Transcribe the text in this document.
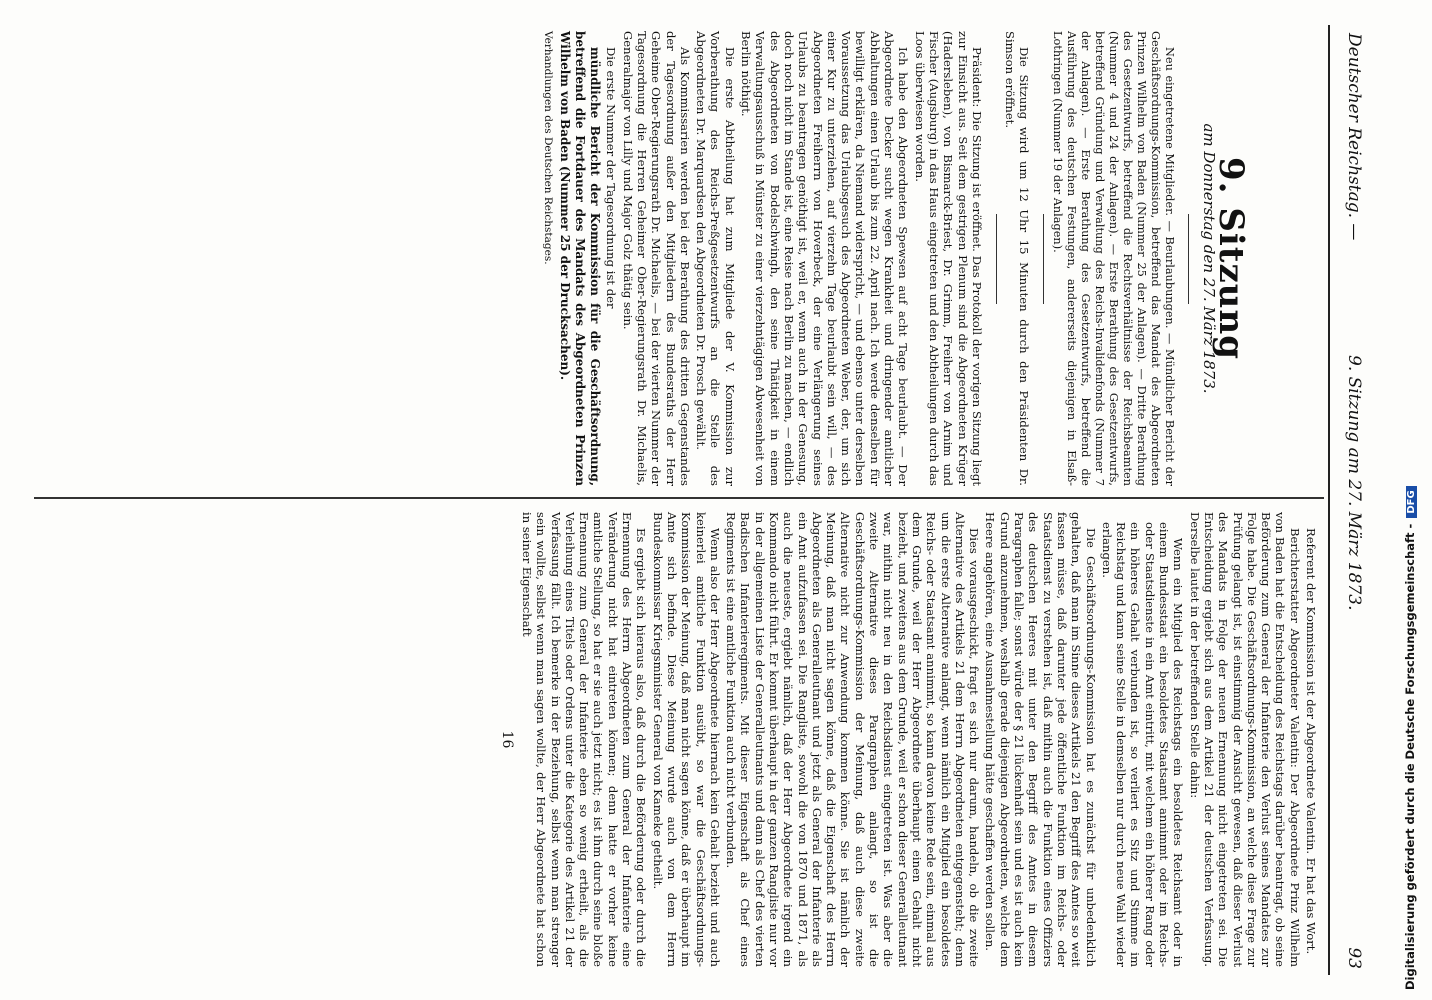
Deutscher Reichstag. —
9. Sitzung am 27. März 1873.
93
9. Sitzung
am Donnerstag den 27. März 1873.

Neu eingetretene Mitglieder. — Beurlaubungen. — Mündlicher Bericht der Geschäftsordnungs-Kommission, betreffend das Mandat des Abgeordneten Prinzen Wilhelm von Baden (Nummer 25 der Anlagen). — Dritte Berathung des Gesetzentwurfs, betreffend die Rechtsverhältnisse der Reichsbeamten (Nummer 4 und 24 der Anlagen). — Erste Berathung des Gesetzentwurfs, betreffend Gründung und Verwaltung des Reichs-Invalidenfonds (Nummer 7 der Anlagen). — Erste Berathung des Gesetzentwurfs, betreffend die Ausführung des deutschen Festungen, andererseits diejenigen in Elsaß-Lothringen (Nummer 19 der Anlagen).

Die Sitzung wird um 12 Uhr 15 Minuten durch den Präsidenten Dr. Simson eröffnet.

Präsident: Die Sitzung ist eröffnet. Das Protokoll der vorigen Sitzung liegt zur Einsicht aus. Seit dem gestrigen Plenum sind die Abgeordneten Krüger (Hadersleben), von Bismarck-Briest, Dr. Grimm, Freiherr von Arnim und Fischer (Augsburg) in das Haus eingetreten und den Abtheilungen durch das Loos überwiesen worden.

Ich habe den Abgeordneten Spewsen auf acht Tage beurlaubt. — Der Abgeordnete Decker sucht wegen Krankheit und dringender amtlicher Abhaltungen einen Urlaub bis zum 22. April nach. Ich werde denselben für bewilligt erklären, da Niemand widerspricht, — und ebenso unter derselben Voraussetzung das Urlaubsgesuch des Abgeordneten Weber, der, um sich einer Kur zu unterziehen, auf vierzehn Tage beurlaubt sein will, — des Abgeordneten Freiherrn von Hoverbeck, der eine Verlängerung seines Urlaubs zu beantragen genöthigt ist, weil er, wenn auch in der Genesung, doch noch nicht im Stande ist, eine Reise nach Berlin zu machen, — endlich des Abgeordneten von Bodelschwingh, den seine Thätigkeit in einem Verwaltungsausschuß in Münster zu einer vierzehntägigen Abwesenheit von Berlin nöthigt.

Die erste Abtheilung hat zum Mitgliede der V. Kommission zur Vorberathung des Reichs-Preßgesetzentwurfs an die Stelle des Abgeordneten Dr. Marquardsen den Abgeordneten Dr. Prosch gewählt.

Als Kommissarien werden bei der Berathung des dritten Gegenstandes der Tagesordnung außer den Mitgliedern des Bundesraths der Herr Geheime Ober-Regierungsrath Dr. Michaelis, — bei der vierten Nummer der Tagesordnung die Herren Geheimer Ober-Regierungsrath Dr. Michaelis, Generalmajor von Lilly und Major Golz thätig sein.

Die erste Nummer der Tagesordnung ist der

mündliche Bericht der Kommission für die Geschäftsordnung, betreffend die Fortdauer des Mandats des Abgeordneten Prinzen Wilhelm von Baden (Nummer 25 der Drucksachen).

Verhandlungen des Deutschen Reichstages.

Referent der Kommission ist der Abgeordnete Valentin. Er hat das Wort.

Berichterstatter Abgeordneter Valentin: Der Abgeordnete Prinz Wilhelm von Baden hat die Entscheidung des Reichstags darüber beantragt, ob seine Beförderung zum General der Infanterie den Verlust seines Mandates zur Folge habe. Die Geschäftsordnungs-Kommission, an welche diese Frage zur Prüfung gelangt ist, ist einstimmig der Ansicht gewesen, daß dieser Verlust des Mandats in Folge der neuen Ernennung nicht eingetreten sei. Die Entscheidung ergiebt sich aus dem Artikel 21 der deutschen Verfassung. Derselbe lautet in der betreffenden Stelle dahin:

Wenn ein Mitglied des Reichstags ein besoldetes Reichsamt oder in einem Bundesstaat ein besoldetes Staatsamt annimmt oder im Reichs- oder Staatsdienste in ein Amt eintritt, mit welchem ein höherer Rang oder ein höheres Gehalt verbunden ist, so verliert es Sitz und Stimme im Reichstag und kann seine Stelle in demselben nur durch neue Wahl wieder erlangen.

Die Geschäftsordnungs-Kommission hat es zunächst für unbedenklich gehalten, daß man im Sinne dieses Artikels 21 den Begriff des Amtes so weit fassen müsse, daß darunter jede öffentliche Funktion im Reichs- oder Staatsdienst zu verstehen ist, daß mithin auch die Funktion eines Offiziers des deutschen Heeres mit unter den Begriff des Amtes in diesem Paragraphen falle; sonst würde der § 21 lückenhaft sein und es ist auch kein Grund anzunehmen, weshalb gerade diejenigen Abgeordneten, welche dem Heere angehören, eine Ausnahmestellung hätte geschaffen werden sollen.

Dies vorausgeschickt, fragt es sich nur darum, handeln, ob die zweite Alternative des Artikels 21 dem Herrn Abgeordneten entgegensteht; denn um die erste Alternative anlangt, wenn nämlich ein Mitglied ein besoldetes Reichs- oder Staatsamt annimmt, so kann davon keine Rede sein, einmal aus dem Grunde, weil der Herr Abgeordnete überhaupt einen Gehalt nicht bezieht, und zweitens aus dem Grunde, weil er schon dieser Generalleutnant war, mithin nicht neu in den Reichsdienst eingetreten ist. Was aber die zweite Alternative dieses Paragraphen anlangt, so ist die Geschäftsordnungs-Kommission der Meinung, daß auch diese zweite Alternative nicht zur Anwendung kommen könne. Sie ist nämlich der Meinung, daß man nicht sagen könne, daß die Eigenschaft des Herrn Abgeordneten als Generalleutnant und jetzt als General der Infanterie als ein Amt aufzufassen sei. Die Rangliste, sowohl die von 1870 und 1871, als auch die neueste, ergiebt nämlich, daß der Herr Abgeordnete irgend ein Kommando nicht führt. Er kommt überhaupt in der ganzen Rangliste nur vor in der allgemeinen Liste der Generalleutnants und dann als Chef des vierten Badischen Infanterieregiments. Mit dieser Eigenschaft als Chef eines Regiments ist eine amtliche Funktion auch nicht verbunden.

Wenn also der Herr Abgeordnete hiernach kein Gehalt bezieht und auch keinerlei amtliche Funktion ausübt, so war die Geschäftsordnungs-Kommission der Meinung, daß man nicht sagen könne, daß er überhaupt im Amte sich befinde. Diese Meinung wurde auch von dem Herrn Bundeskommissar Kriegsminister General von Kameke getheilt.

Es ergiebt sich hieraus also, daß durch die Beförderung oder durch die Ernennung des Herrn Abgeordneten zum General der Infanterie eine Veränderung nicht hat eintreten können; denn hatte er vorher keine amtliche Stellung, so hat er sie auch jetzt nicht; es ist ihm durch seine bloße Ernennung zum General der Infanterie eben so wenig ertheilt, als die Verleihung eines Titels oder Ordens unter die Kategorie des Artikel 21 der Verfassung fällt. Ich bemerke in der Beziehung, selbst wenn man strenger sein wollte, selbst wenn man sagen wollte, der Herr Abgeordnete hat schon in seiner Eigenschaft

16	Digitalisierung gefördert durch die Deutsche Forschungsgemeinschaft -DFG
